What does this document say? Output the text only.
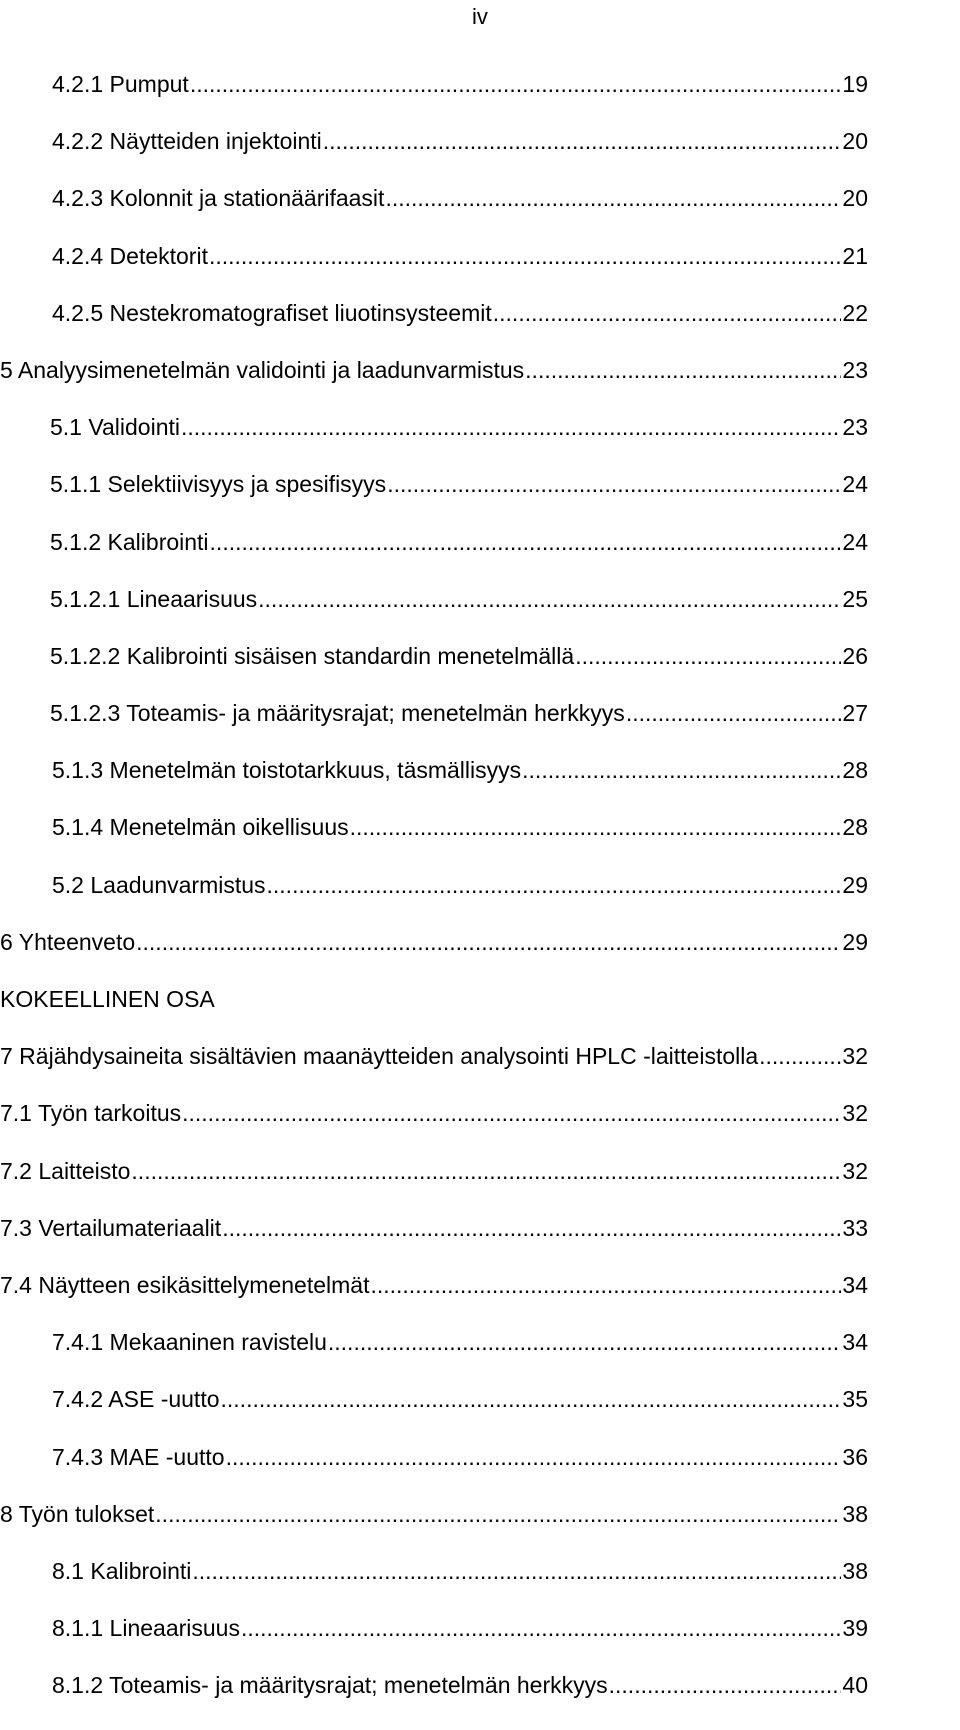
iv
4.2.1 Pumput .....	19
4.2.2 Näytteiden injektointi .....	20
4.2.3 Kolonnit ja stationäärifaasit .....	20
4.2.4 Detektorit .....	21
4.2.5 Nestekromatografiset liuotinsysteemit .....	22
5 Analyysimenetelmän validointi ja laadunvarmistus .....	23
5.1 Validointi .....	23
5.1.1 Selektiivisyys ja spesifisyys .....	24
5.1.2 Kalibrointi .....	24
5.1.2.1 Lineaarisuus .....	25
5.1.2.2 Kalibrointi sisäisen standardin menetelmällä .....	26
5.1.2.3 Toteamis- ja määritysrajat; menetelmän herkkyys .....	27
5.1.3 Menetelmän toistotarkkuus, täsmällisyys .....	28
5.1.4 Menetelmän oikellisuus .....	28
5.2 Laadunvarmistus .....	29
6 Yhteenveto .....	29
KOKEELLINEN OSA
7 Räjähdysaineita sisältävien maanäytteiden analysointi HPLC -laitteistolla .....	32
7.1 Työn tarkoitus .....	32
7.2 Laitteisto .....	32
7.3 Vertailumateriaalit .....	33
7.4 Näytteen esikäsittelymenetelmät .....	34
7.4.1 Mekaaninen ravistelu .....	34
7.4.2 ASE -uutto .....	35
7.4.3 MAE -uutto .....	36
8 Työn tulokset .....	38
8.1 Kalibrointi .....	38
8.1.1 Lineaarisuus .....	39
8.1.2 Toteamis- ja määritysrajat; menetelmän herkkyys .....	40
